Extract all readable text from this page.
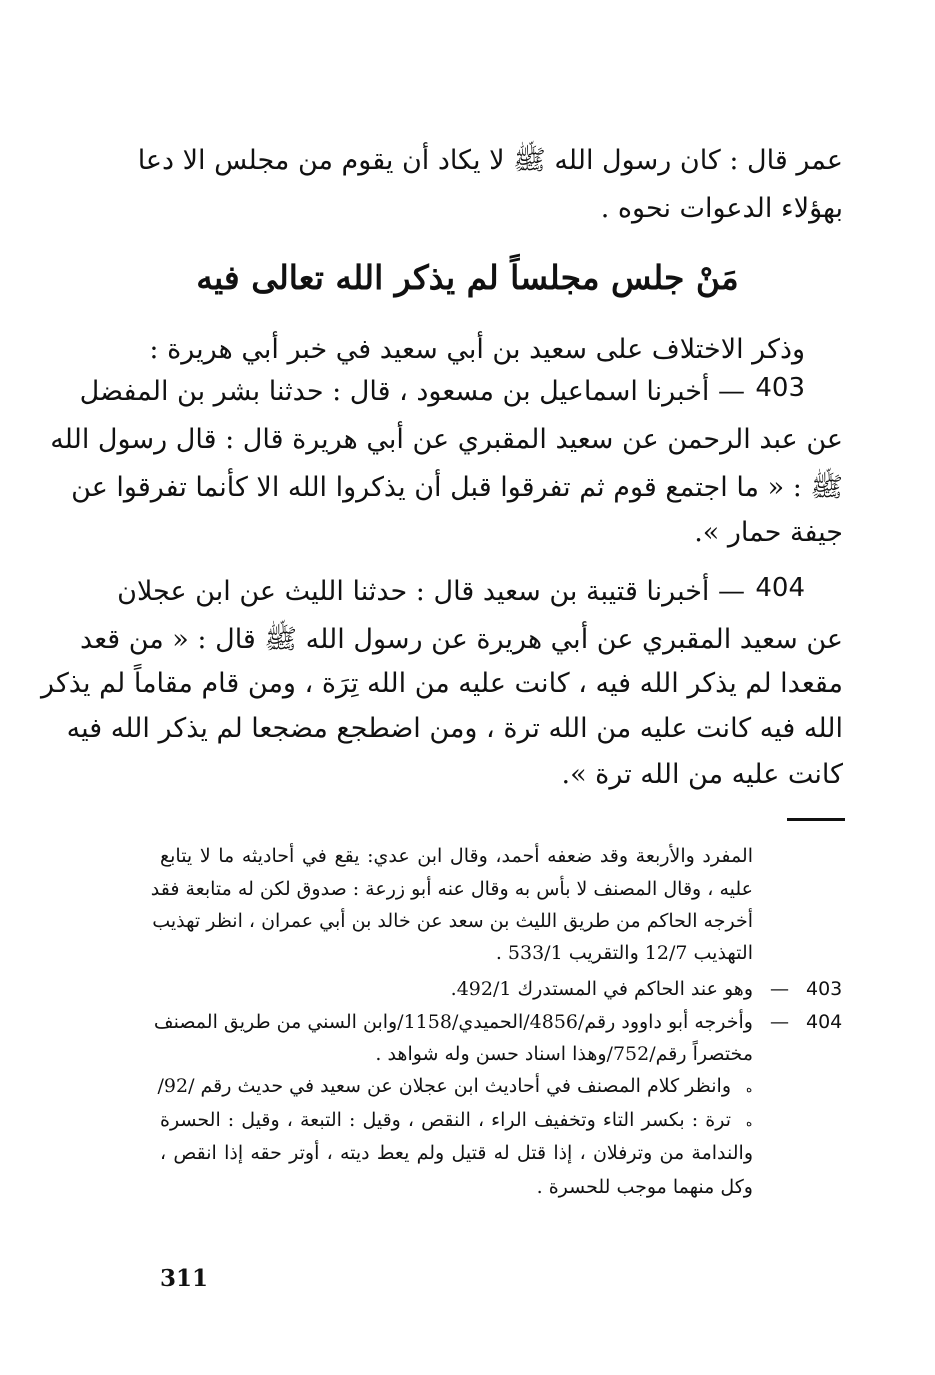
عمر قال : كان رسول الله ﷺ لا يكاد أن يقوم من مجلس الا دعا
بهؤلاء الدعوات نحوه .
مَنْ جلس مجلساً لم يذكر الله تعالى فيه
وذكر الاختلاف على سعيد بن أبي سعيد في خبر أبي هريرة :
403
— أخبرنا اسماعيل بن مسعود ، قال : حدثنا بشر بن المفضل
عن عبد الرحمن عن سعيد المقبري عن أبي هريرة قال : قال رسول الله
ﷺ : « ما اجتمع قوم ثم تفرقوا قبل أن يذكروا الله الا كأنما تفرقوا عن
جيفة حمار ».
404
— أخبرنا قتيبة بن سعيد قال : حدثنا الليث عن ابن عجلان
عن سعيد المقبري عن أبي هريرة عن رسول الله ﷺ قال : « من قعد
مقعدا لم يذكر الله فيه ، كانت عليه من الله تِرَة ، ومن قام مقاماً لم يذكر
الله فيه كانت عليه من الله ترة ، ومن اضطجع مضجعا لم يذكر الله فيه
كانت عليه من الله ترة ».
المفرد والأربعة وقد ضعفه أحمد، وقال ابن عدي: يقع في أحاديثه ما لا يتابع
عليه ، وقال المصنف لا بأس به وقال عنه أبو زرعة : صدوق لكن له متابعة فقد
أخرجه الحاكم من طريق الليث بن سعد عن خالد بن أبي عمران ، انظر تهذيب
التهذيب 12/7 والتقريب 533/1 .
403
—
وهو عند الحاكم في المستدرك 492/1.
404
—
وأخرجه أبو داوود رقم/4856/الحميدي/1158/وابن السني من طريق المصنف
مختصراً رقم/752/وهذا اسناد حسن وله شواهد .
ه
وانظر كلام المصنف في أحاديث ابن عجلان عن سعيد في حديث رقم /92/
ه
ترة : بكسر التاء وتخفيف الراء ، النقص ، وقيل : التبعة ، وقيل : الحسرة
والندامة من وترفلان ، إذا قتل له قتيل ولم يعط ديته ، أوتر حقه إذا انقص ،
وكل منهما موجب للحسرة .
311
